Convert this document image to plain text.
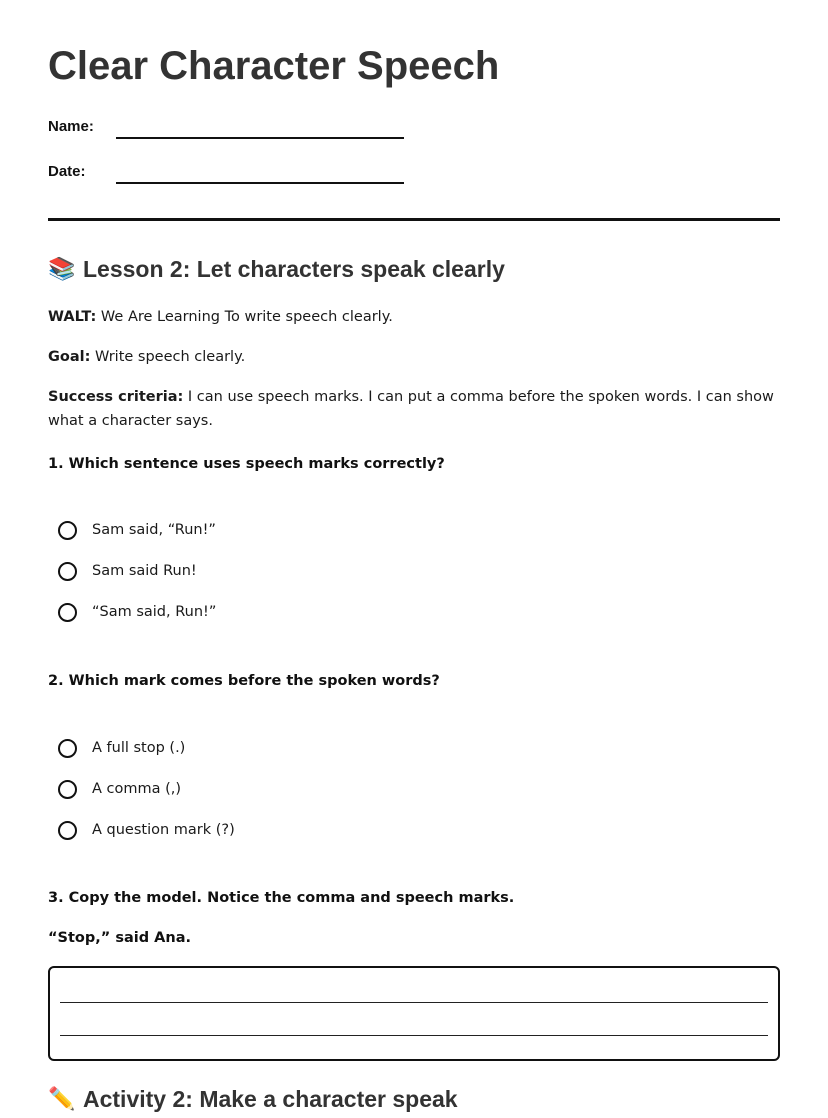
Clear Character Speech
Name:
Date:
📚 Lesson 2: Let characters speak clearly

WALT: We Are Learning To write speech clearly.

Goal: Write speech clearly.

Success criteria: I can use speech marks. I can put a comma before the spoken words. I can show what a character says.

1. Which sentence uses speech marks correctly?

Sam said, “Run!”
Sam said Run!
“Sam said, Run!”

2. Which mark comes before the spoken words?

A full stop (.)
A comma (,)
A question mark (?)

3. Copy the model. Notice the comma and speech marks.

“Stop,” said Ana.

✏️ Activity 2: Make a character speak
